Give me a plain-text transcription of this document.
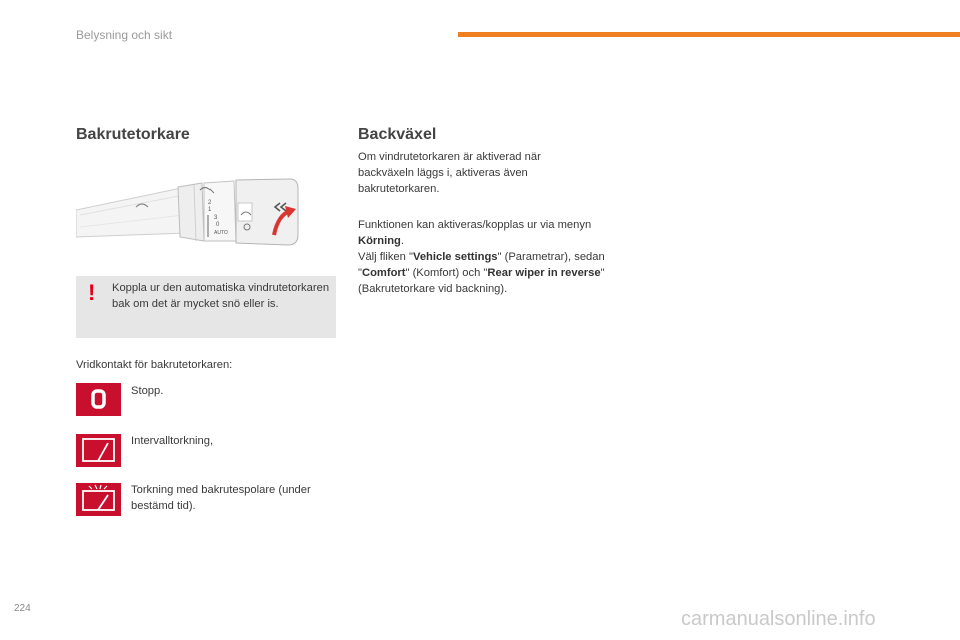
Belysning och sikt
Bakrutetorkare
2
1
3
0
AUTO
! Koppla ur den automatiska vindrutetorkaren bak om det är mycket snö eller is.
Vridkontakt för bakrutetorkaren:
Stopp.
Intervalltorkning,
Torkning med bakrutespolare (under bestämd tid).
Backväxel
Om vindrutetorkaren är aktiverad när backväxeln läggs i, aktiveras även bakrutetorkaren.
Funktionen kan aktiveras/kopplas ur via menyn
Körning.
Välj fliken "Vehicle settings" (Parametrar), sedan "Comfort" (Komfort) och "Rear wiper in reverse" (Bakrutetorkare vid backning).
224	carmanualsonline.info
